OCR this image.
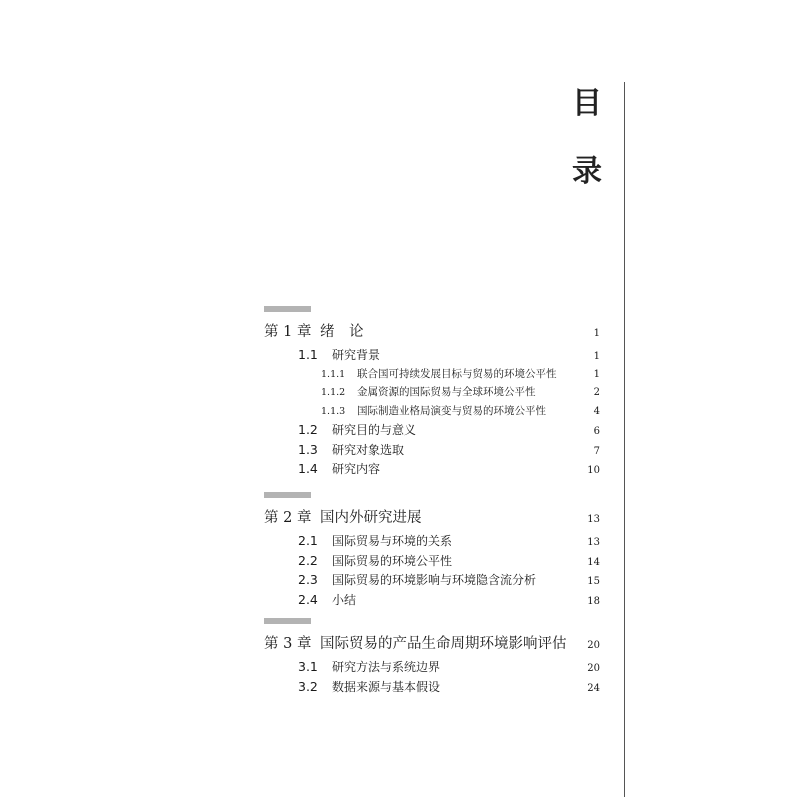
目
录
第 1 章 绪　论	1
1.1	研究背景	1
1.1.1	联合国可持续发展目标与贸易的环境公平性	1
1.1.2	金属资源的国际贸易与全球环境公平性	2
1.1.3	国际制造业格局演变与贸易的环境公平性	4
1.2	研究目的与意义	6
1.3	研究对象选取	7
1.4	研究内容	10
第 2 章 国内外研究进展	13
2.1	国际贸易与环境的关系	13
2.2	国际贸易的环境公平性	14
2.3	国际贸易的环境影响与环境隐含流分析	15
2.4	小结	18
第 3 章 国际贸易的产品生命周期环境影响评估 20
3.1	研究方法与系统边界	20
3.2	数据来源与基本假设	24
